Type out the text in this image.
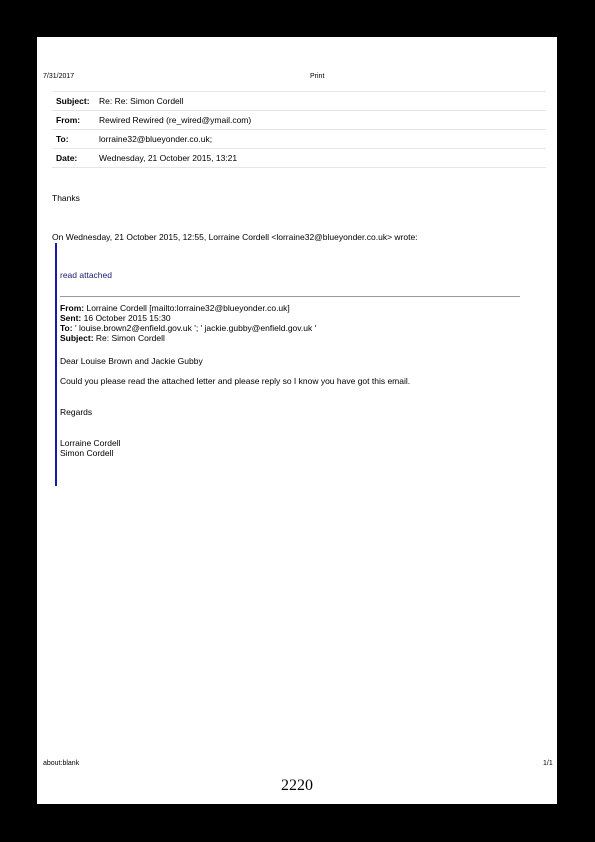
7/31/2017	Print
Subject:	Re: Re: Simon Cordell
From:	Rewired Rewired (re_wired@ymail.com)
To:	lorraine32@blueyonder.co.uk;
Date:	Wednesday, 21 October 2015, 13:21
Thanks
On Wednesday, 21 October 2015, 12:55, Lorraine Cordell <lorraine32@blueyonder.co.uk> wrote:
read attached
From: Lorraine Cordell [mailto:lorraine32@blueyonder.co.uk]
Sent: 16 October 2015 15:30
To: ' louise.brown2@enfield.gov.uk '; ' jackie.gubby@enfield.gov.uk '
Subject: Re: Simon Cordell
Dear Louise Brown and Jackie Gubby
Could you please read the attached letter and please reply so I know you have got this email.
Regards
Lorraine Cordell
Simon Cordell
about:blank	1/1
2220
